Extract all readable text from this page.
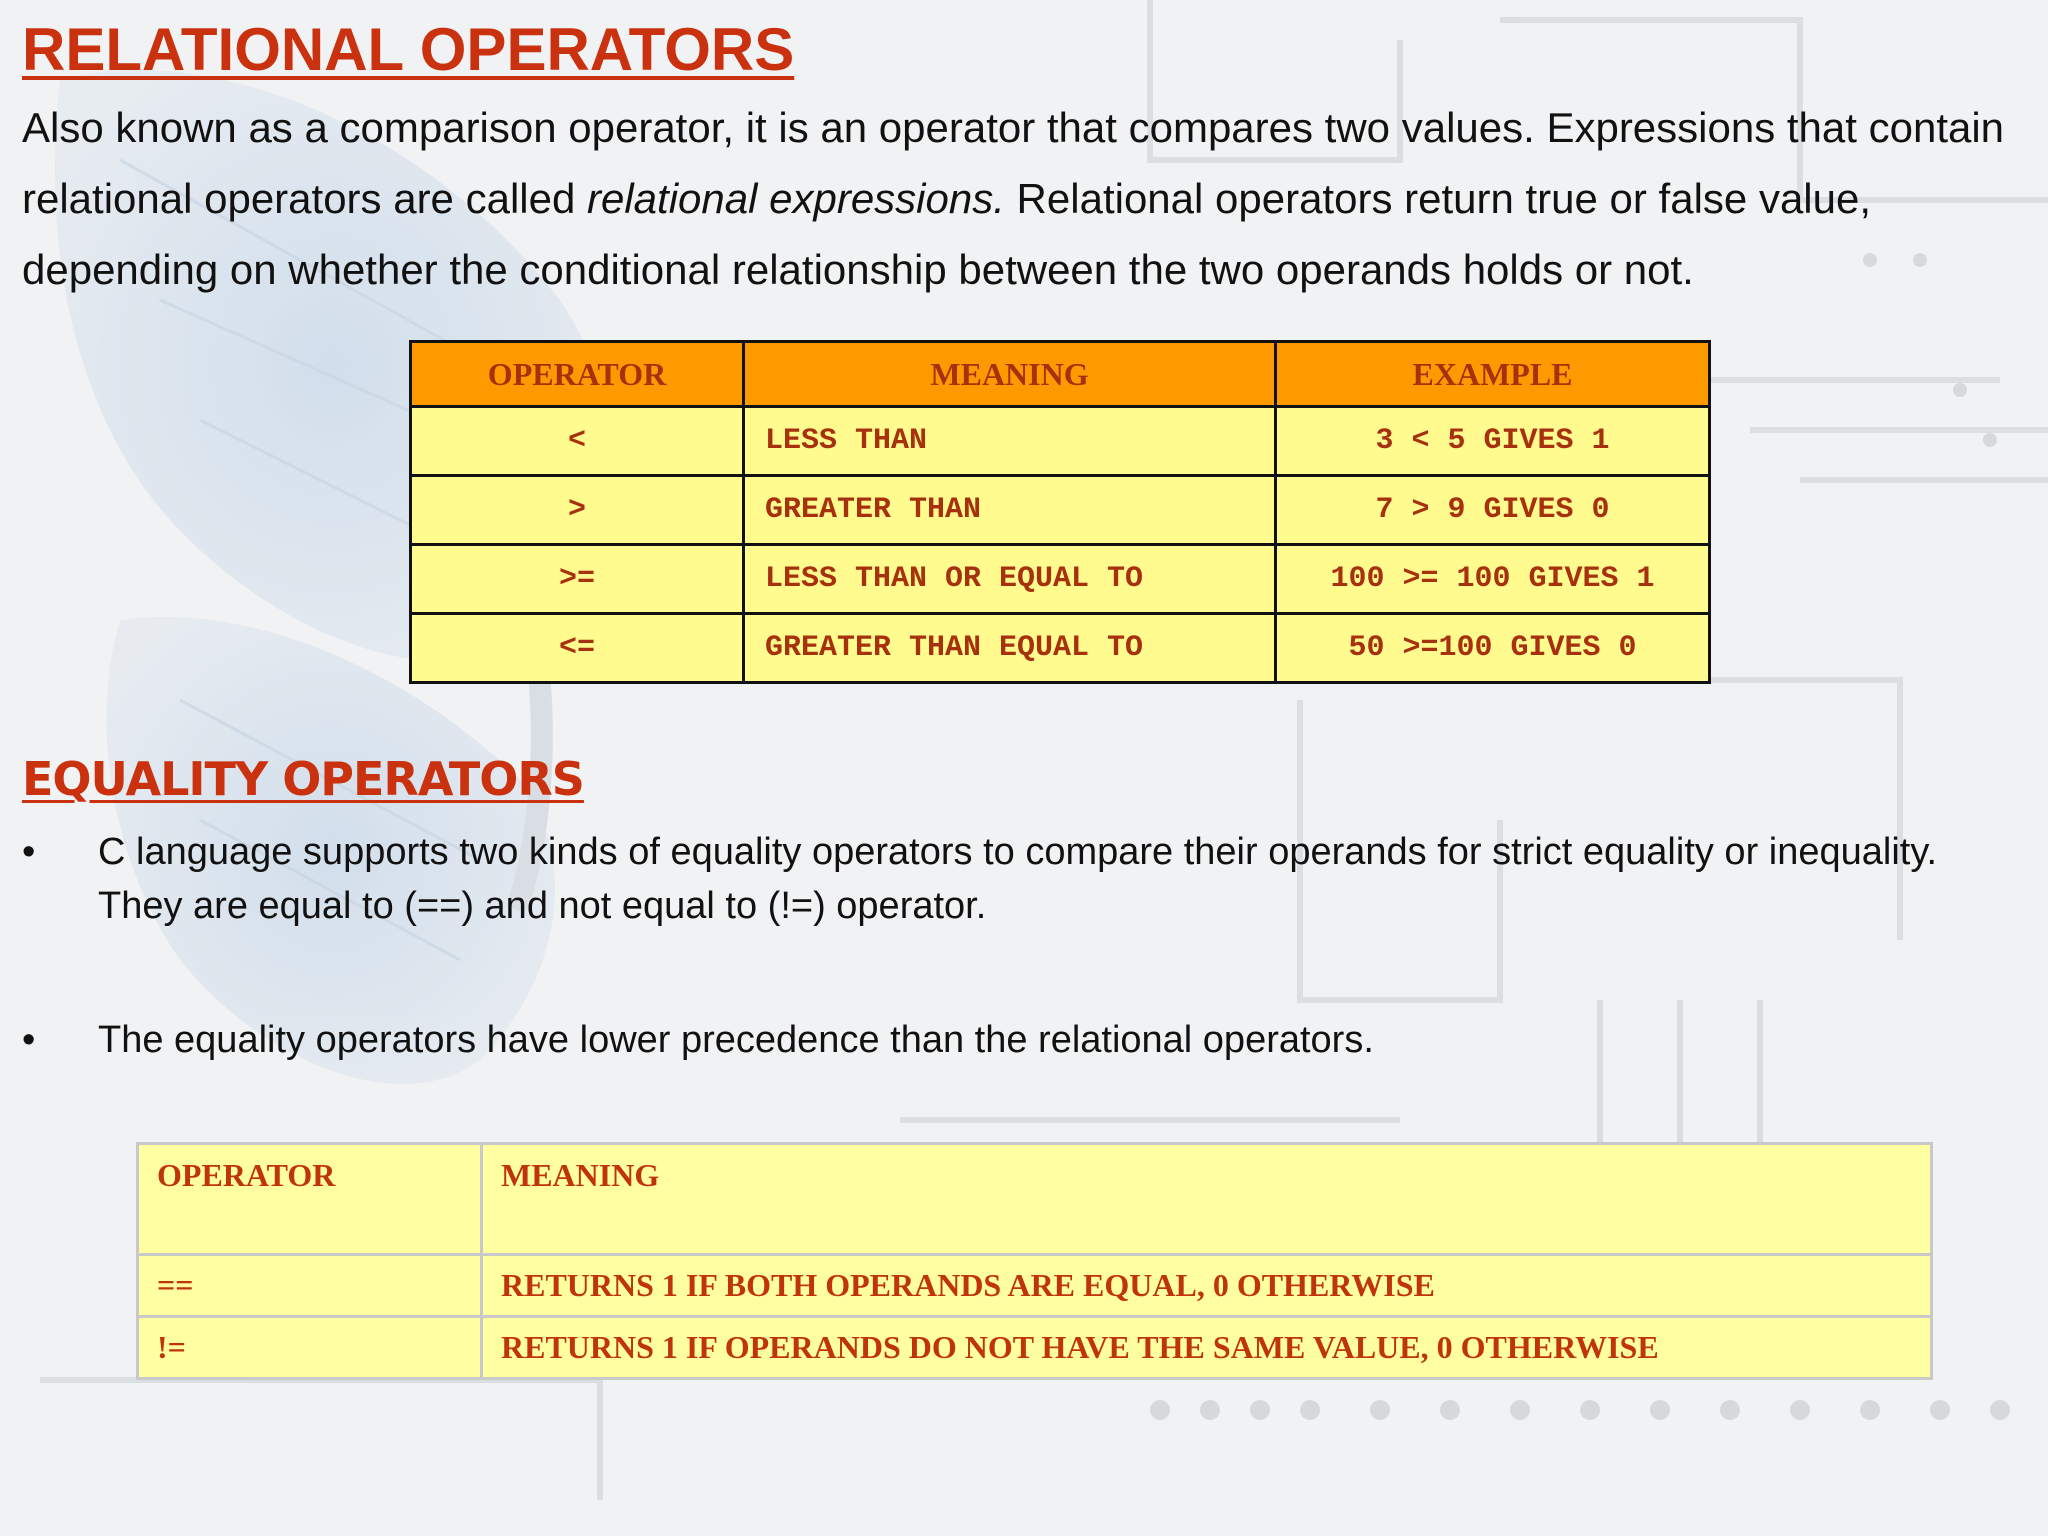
RELATIONAL OPERATORS

Also known as a comparison operator, it is an operator that compares two values. Expressions that contain relational operators are called relational expressions. Relational operators return true or false value, depending on whether the conditional relationship between the two operands holds or not.

OPERATOR	MEANING	EXAMPLE
<	LESS THAN	3 < 5 GIVES 1
>	GREATER THAN	7 > 9 GIVES 0
>=	LESS THAN OR EQUAL TO	100 >= 100 GIVES 1
<=	GREATER THAN EQUAL TO	50 >=100 GIVES 0
EQUALITY OPERATORS
•	C language supports two kinds of equality operators to compare their operands for strict equality or inequality. They are equal to (==) and not equal to (!=) operator.
•	The equality operators have lower precedence than the relational operators.
OPERATOR	MEANING
==	RETURNS 1 IF BOTH OPERANDS ARE EQUAL, 0 OTHERWISE
!=	RETURNS 1 IF OPERANDS DO NOT HAVE THE SAME VALUE, 0 OTHERWISE
